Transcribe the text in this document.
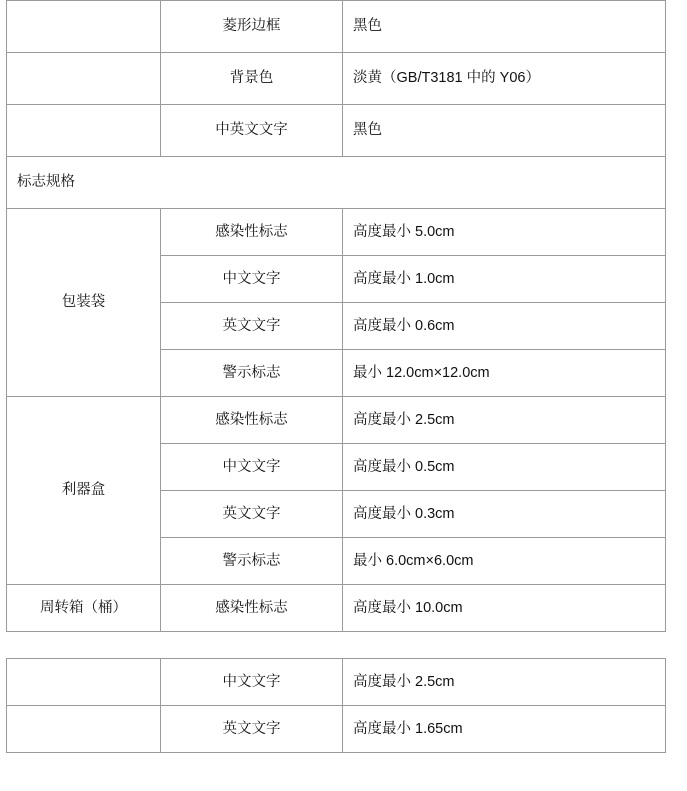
	菱形边框	黑色
	背景色	淡黄（GB/T3181 中的 Y06）
	中英文文字	黑色
标志规格		
包装袋	感染性标志	高度最小 5.0cm
	中文文字	高度最小 1.0cm
	英文文字	高度最小 0.6cm
	警示标志	最小 12.0cm×12.0cm
利器盒	感染性标志	高度最小 2.5cm
	中文文字	高度最小 0.5cm
	英文文字	高度最小 0.3cm
	警示标志	最小 6.0cm×6.0cm
周转箱（桶）	感染性标志	高度最小 10.0cm
	中文文字	高度最小 2.5cm
	英文文字	高度最小 1.65cm
